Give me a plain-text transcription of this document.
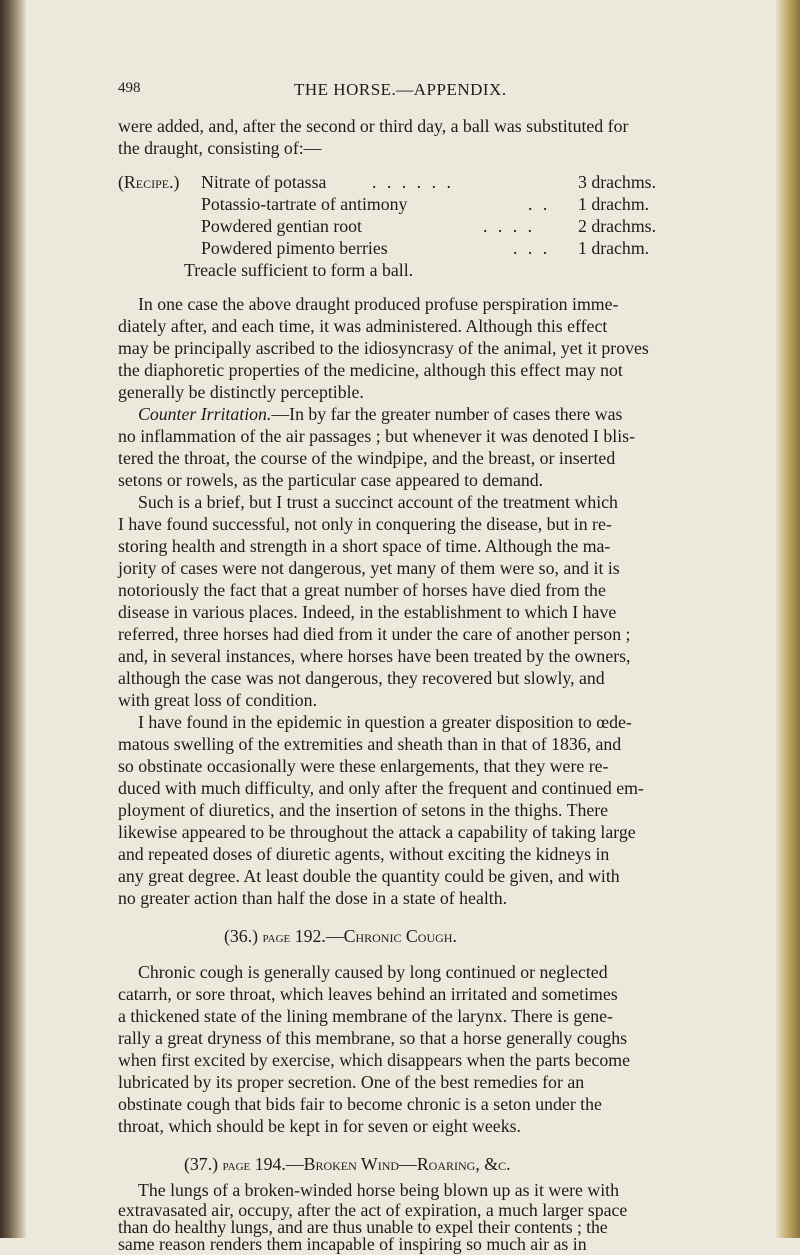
498	THE HORSE.—APPENDIX.
were added, and, after the second or third day, a ball was substituted for
the draught, consisting of:—
(Recipe.) Nitrate of potassa	. . . . . .	3 drachms.
Potassio-tartrate of antimony	. . 1 drachm.
Powdered gentian root	. . . . 2 drachms.
Powdered pimento berries	. . . 1 drachm.
Treacle sufficient to form a ball.
In one case the above draught produced profuse perspiration imme-
diately after, and each time, it was administered. Although this effect
may be principally ascribed to the idiosyncrasy of the animal, yet it proves
the diaphoretic properties of the medicine, although this effect may not
generally be distinctly perceptible.
Counter Irritation.—In by far the greater number of cases there was
no inflammation of the air passages ; but whenever it was denoted I blis-
tered the throat, the course of the windpipe, and the breast, or inserted
setons or rowels, as the particular case appeared to demand.
Such is a brief, but I trust a succinct account of the treatment which
I have found successful, not only in conquering the disease, but in re-
storing health and strength in a short space of time. Although the ma-
jority of cases were not dangerous, yet many of them were so, and it is
notoriously the fact that a great number of horses have died from the
disease in various places. Indeed, in the establishment to which I have
referred, three horses had died from it under the care of another person ;
and, in several instances, where horses have been treated by the owners,
although the case was not dangerous, they recovered but slowly, and
with great loss of condition.
I have found in the epidemic in question a greater disposition to œde-
matous swelling of the extremities and sheath than in that of 1836, and
so obstinate occasionally were these enlargements, that they were re-
duced with much difficulty, and only after the frequent and continued em-
ployment of diuretics, and the insertion of setons in the thighs. There
likewise appeared to be throughout the attack a capability of taking large
and repeated doses of diuretic agents, without exciting the kidneys in
any great degree. At least double the quantity could be given, and with
no greater action than half the dose in a state of health.
(36.) page 192.—Chronic Cough.
Chronic cough is generally caused by long continued or neglected
catarrh, or sore throat, which leaves behind an irritated and sometimes
a thickened state of the lining membrane of the larynx. There is gene-
rally a great dryness of this membrane, so that a horse generally coughs
when first excited by exercise, which disappears when the parts become
lubricated by its proper secretion. One of the best remedies for an
obstinate cough that bids fair to become chronic is a seton under the
throat, which should be kept in for seven or eight weeks.
(37.) page 194.—Broken Wind—Roaring, &c.
The lungs of a broken-winded horse being blown up as it were with
extravasated air, occupy, after the act of expiration, a much larger space
than do healthy lungs, and are thus unable to expel their contents ; the
same reason renders them incapable of inspiring so much air as in
